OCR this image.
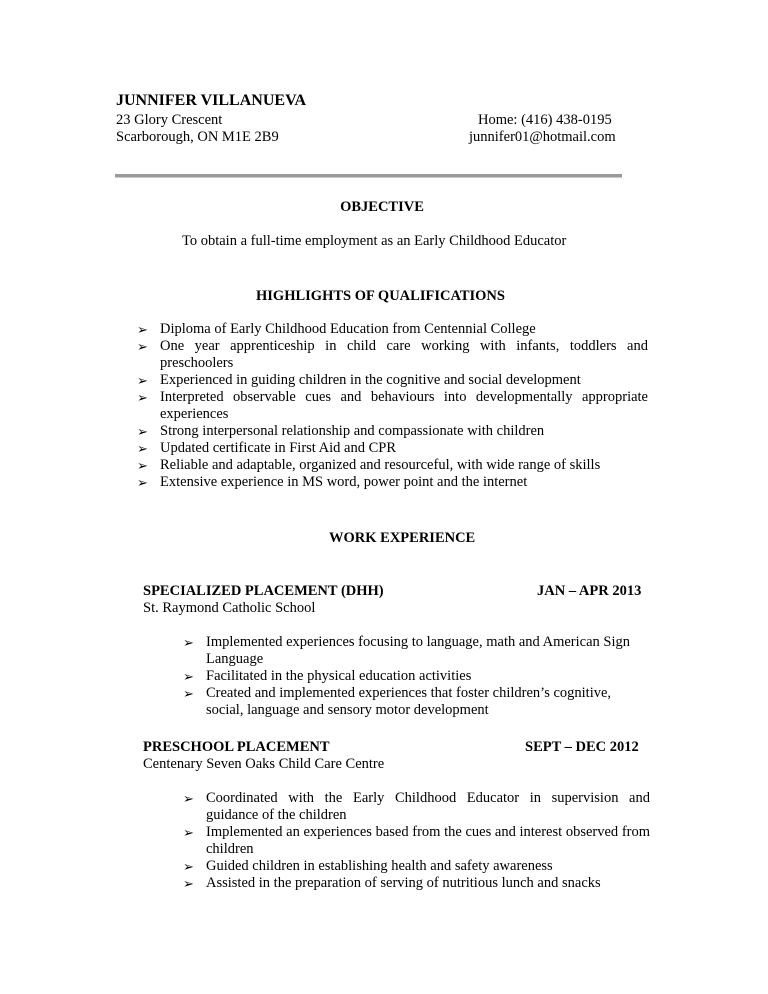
JUNNIFER VILLANUEVA
23 Glory Crescent
Scarborough, ON M1E 2B9
Home: (416) 438-0195
junnifer01@hotmail.com
OBJECTIVE
To obtain a full-time employment as an Early Childhood Educator
HIGHLIGHTS OF QUALIFICATIONS
➢ Diploma of Early Childhood Education from Centennial College
➢ One year apprenticeship in child care working with infants, toddlers and preschoolers
➢ Experienced in guiding children in the cognitive and social development
➢ Interpreted observable cues and behaviours into developmentally appropriate experiences
➢ Strong interpersonal relationship and compassionate with children
➢ Updated certificate in First Aid and CPR
➢ Reliable and adaptable, organized and resourceful, with wide range of skills
➢ Extensive experience in MS word, power point and the internet
WORK EXPERIENCE
SPECIALIZED PLACEMENT (DHH)	JAN – APR 2013
St. Raymond Catholic School
➢ Implemented experiences focusing to language, math and American Sign Language
➢ Facilitated in the physical education activities
➢ Created and implemented experiences that foster children’s cognitive, social, language and sensory motor development
PRESCHOOL PLACEMENT	SEPT – DEC 2012
Centenary Seven Oaks Child Care Centre
➢ Coordinated with the Early Childhood Educator in supervision and guidance of the children
➢ Implemented an experiences based from the cues and interest observed from children
➢ Guided children in establishing health and safety awareness
➢ Assisted in the preparation of serving of nutritious lunch and snacks
